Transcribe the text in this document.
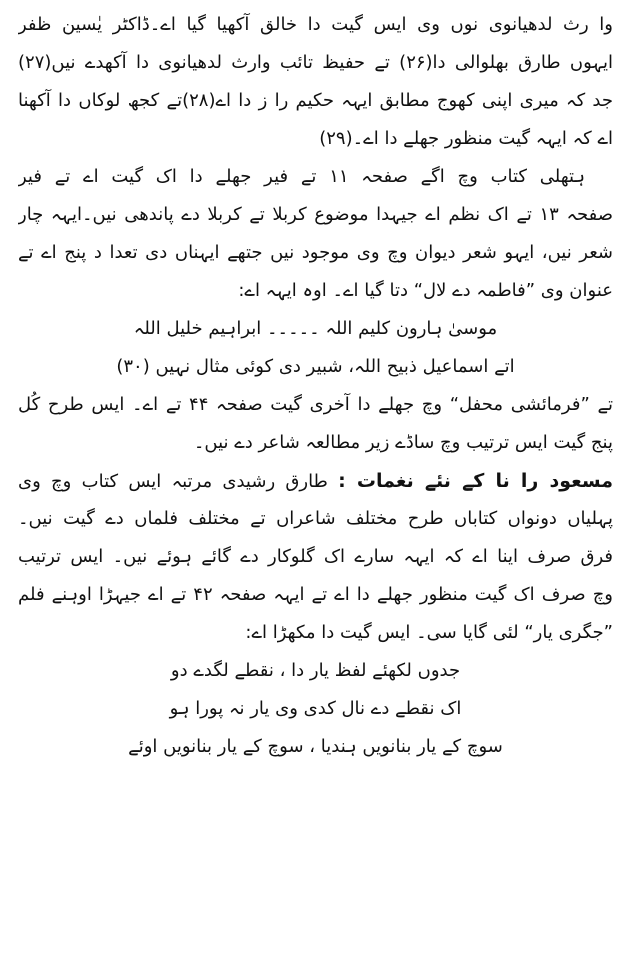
وا رث لدھیانوی نوں وی ایس گیت دا خالق آکھیا گیا اے۔ڈاکٹر یٰسین ظفر
ایہوں طارق بھلوالی دا(۲۶) تے حفیظ تائب وارث لدھیانوی دا آکھدے نیں(۲۷)
جد کہ میری اپنی کھوج مطابق ایہہ حکیم را ز دا اے(۲۸)تے کجھ لوکاں دا آکھنا
اے کہ ایہہ گیت منظور جھلے دا اے۔(۲۹)
ہتھلی کتاب وچ اگے صفحہ ۱۱ تے فیر جھلے دا اک گیت اے تے فیر
صفحہ ۱۳ تے اک نظم اے جیہدا موضوع کربلا تے کربلا دے پاندھی نیں۔ایہہ چار
شعر نیں، ایہو شعر دیوان وچ وی موجود نیں جتھے ایہناں دی تعدا د پنج اے تے
عنوان وی ”فاطمہ دے لال“ دتا گیا اے۔ اوہ ایہہ اے:
موسیٰ ہارون کلیم اللہ ۔۔۔۔۔ ابراہیم خلیل اللہ
اتے اسماعیل ذبیح اللہ، شبیر دی کوئی مثال نہیں (۳۰)
تے ”فرمائشی محفل“ وچ جھلے دا آخری گیت صفحہ ۴۴ تے اے۔ ایس طرح کُل
پنج گیت ایس ترتیب وچ ساڈے زیر مطالعہ شاعر دے نیں۔
مسعود را نا کے نئے نغمات : طارق رشیدی مرتبہ ایس کتاب وچ وی
پہلیاں دونواں کتاباں طرح مختلف شاعراں تے مختلف فلماں دے گیت نیں۔
فرق صرف اینا اے کہ ایہہ سارے اک گلوکار دے گائے ہوئے نیں۔ ایس ترتیب
وچ صرف اک گیت منظور جھلے دا اے تے ایہہ صفحہ ۴۲ تے اے جیہڑا اوہنے فلم
”جگری یار“ لئی گایا سی۔ ایس گیت دا مکھڑا اے:
جدوں لکھئے لفظ یار دا ، نقطے لگدے دو
اک نقطے دے نال کدی وی یار نہ پورا ہو
سوچ کے یار بنانویں ہندیا ، سوچ کے یار بنانویں اوئے
